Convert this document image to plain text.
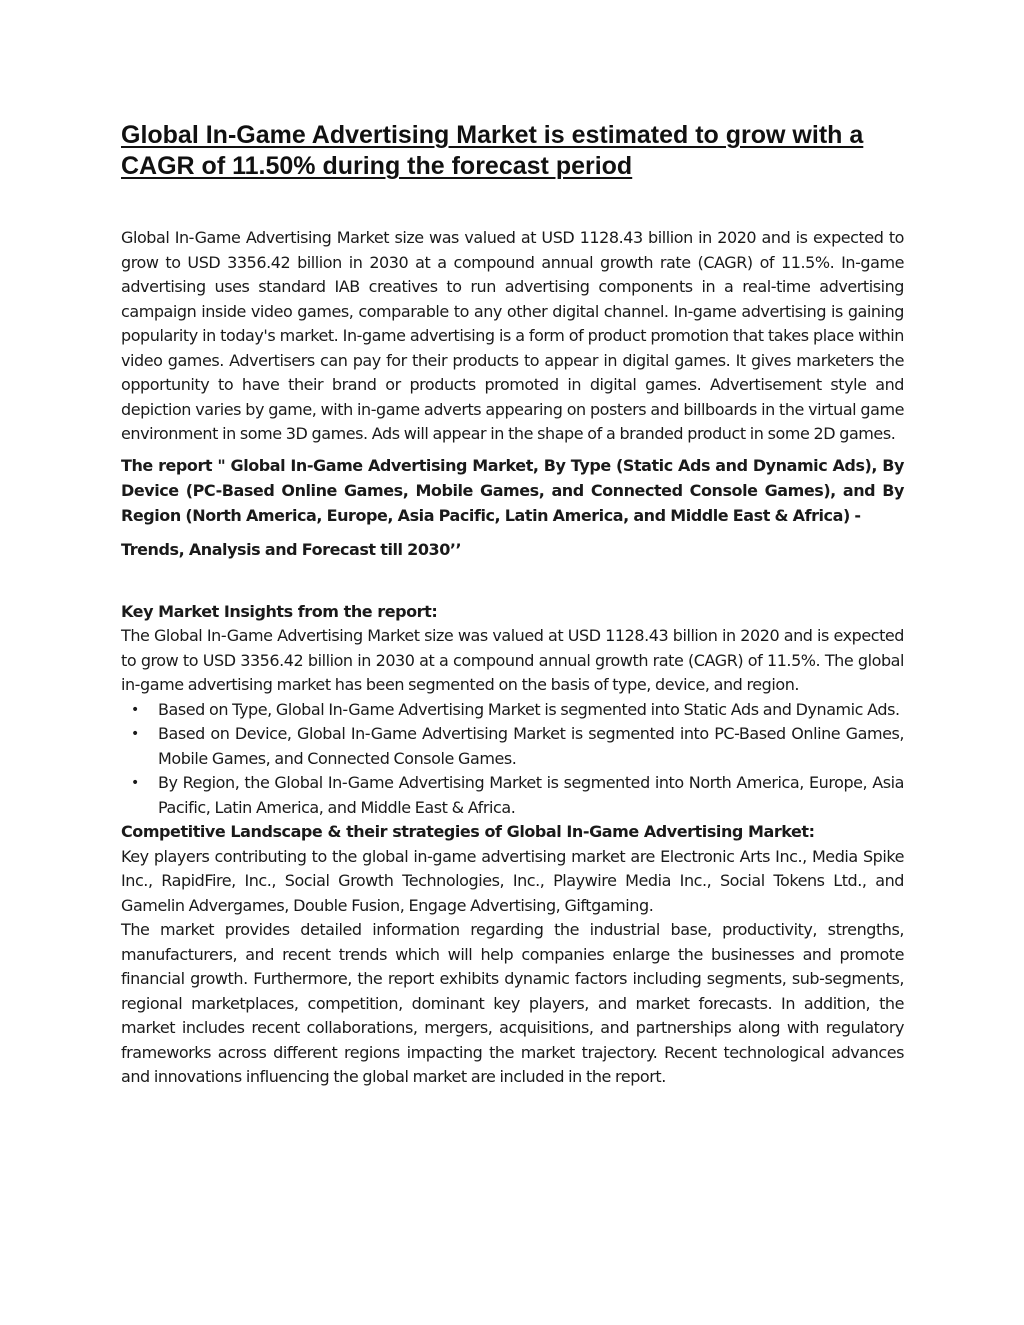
Global In-Game Advertising Market is estimated to grow with a CAGR of 11.50% during the forecast period

Global In-Game Advertising Market size was valued at USD 1128.43 billion in 2020 and is expected to grow to USD 3356.42 billion in 2030 at a compound annual growth rate (CAGR) of 11.5%. In-game advertising uses standard IAB creatives to run advertising components in a real-time advertising campaign inside video games, comparable to any other digital channel. In-game advertising is gaining popularity in today's market. In-game advertising is a form of product promotion that takes place within video games. Advertisers can pay for their products to appear in digital games. It gives marketers the opportunity to have their brand or products promoted in digital games. Advertisement style and depiction varies by game, with in-game adverts appearing on posters and billboards in the virtual game environment in some 3D games. Ads will appear in the shape of a branded product in some 2D games.

The report " Global In-Game Advertising Market, By Type (Static Ads and Dynamic Ads), By Device (PC-Based Online Games, Mobile Games, and Connected Console Games), and By Region (North America, Europe, Asia Pacific, Latin America, and Middle East & Africa) -
Trends, Analysis and Forecast till 2030’’

Key Market Insights from the report:

The Global In-Game Advertising Market size was valued at USD 1128.43 billion in 2020 and is expected to grow to USD 3356.42 billion in 2030 at a compound annual growth rate (CAGR) of 11.5%. The global in-game advertising market has been segmented on the basis of type, device, and region.

• Based on Type, Global In-Game Advertising Market is segmented into Static Ads and Dynamic Ads.
• Based on Device, Global In-Game Advertising Market is segmented into PC-Based Online Games, Mobile Games, and Connected Console Games.
• By Region, the Global In-Game Advertising Market is segmented into North America, Europe, Asia Pacific, Latin America, and Middle East & Africa.
Competitive Landscape & their strategies of Global In-Game Advertising Market:

Key players contributing to the global in-game advertising market are Electronic Arts Inc., Media Spike Inc., RapidFire, Inc., Social Growth Technologies, Inc., Playwire Media Inc., Social Tokens Ltd., and Gamelin Advergames, Double Fusion, Engage Advertising, Giftgaming.

The market provides detailed information regarding the industrial base, productivity, strengths, manufacturers, and recent trends which will help companies enlarge the businesses and promote financial growth. Furthermore, the report exhibits dynamic factors including segments, sub-segments, regional marketplaces, competition, dominant key players, and market forecasts. In addition, the market includes recent collaborations, mergers, acquisitions, and partnerships along with regulatory frameworks across different regions impacting the market trajectory. Recent technological advances and innovations influencing the global market are included in the report.
